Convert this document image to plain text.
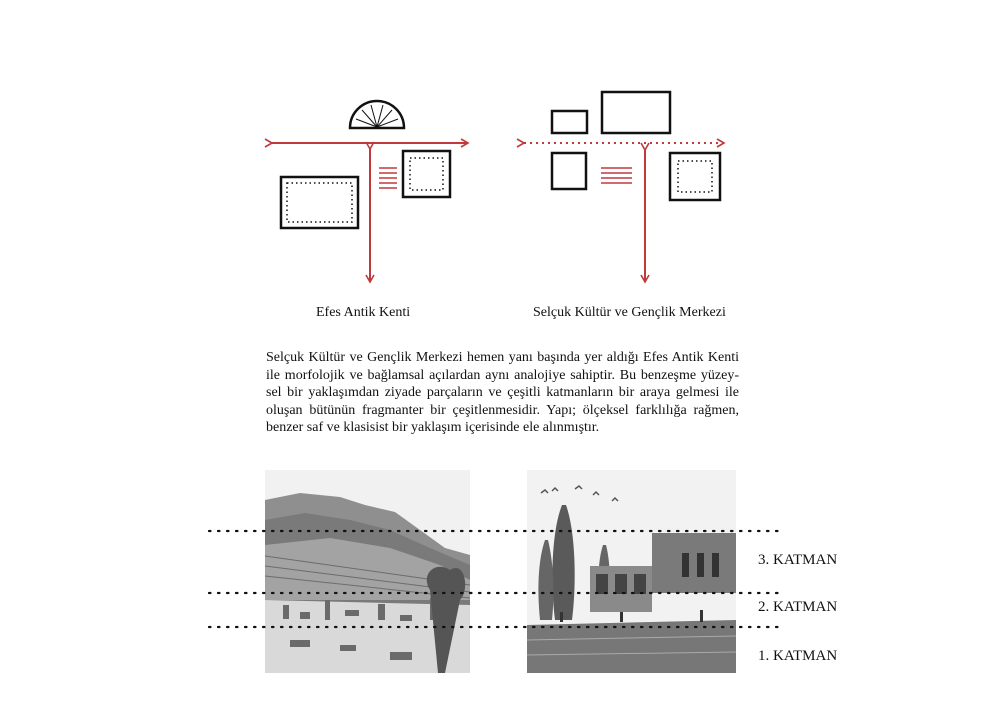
Efes Antik Kenti	Selçuk Kültür ve Gençlik Merkezi
Selçuk Kültür ve Gençlik Merkezi hemen yanı başında yer aldığı Efes Antik Kenti
ile morfolojik ve bağlamsal açılardan aynı analojiye sahiptir. Bu benzeşme yüzey-
sel bir yaklaşımdan ziyade parçaların ve çeşitli katmanların bir araya gelmesi ile
oluşan bütünün fragmanter bir çeşitlenmesidir. Yapı; ölçeksel farklılığa rağmen,
benzer saf ve klasisist bir yaklaşım içerisinde ele alınmıştır.
3. KATMAN
2. KATMAN
1. KATMAN
